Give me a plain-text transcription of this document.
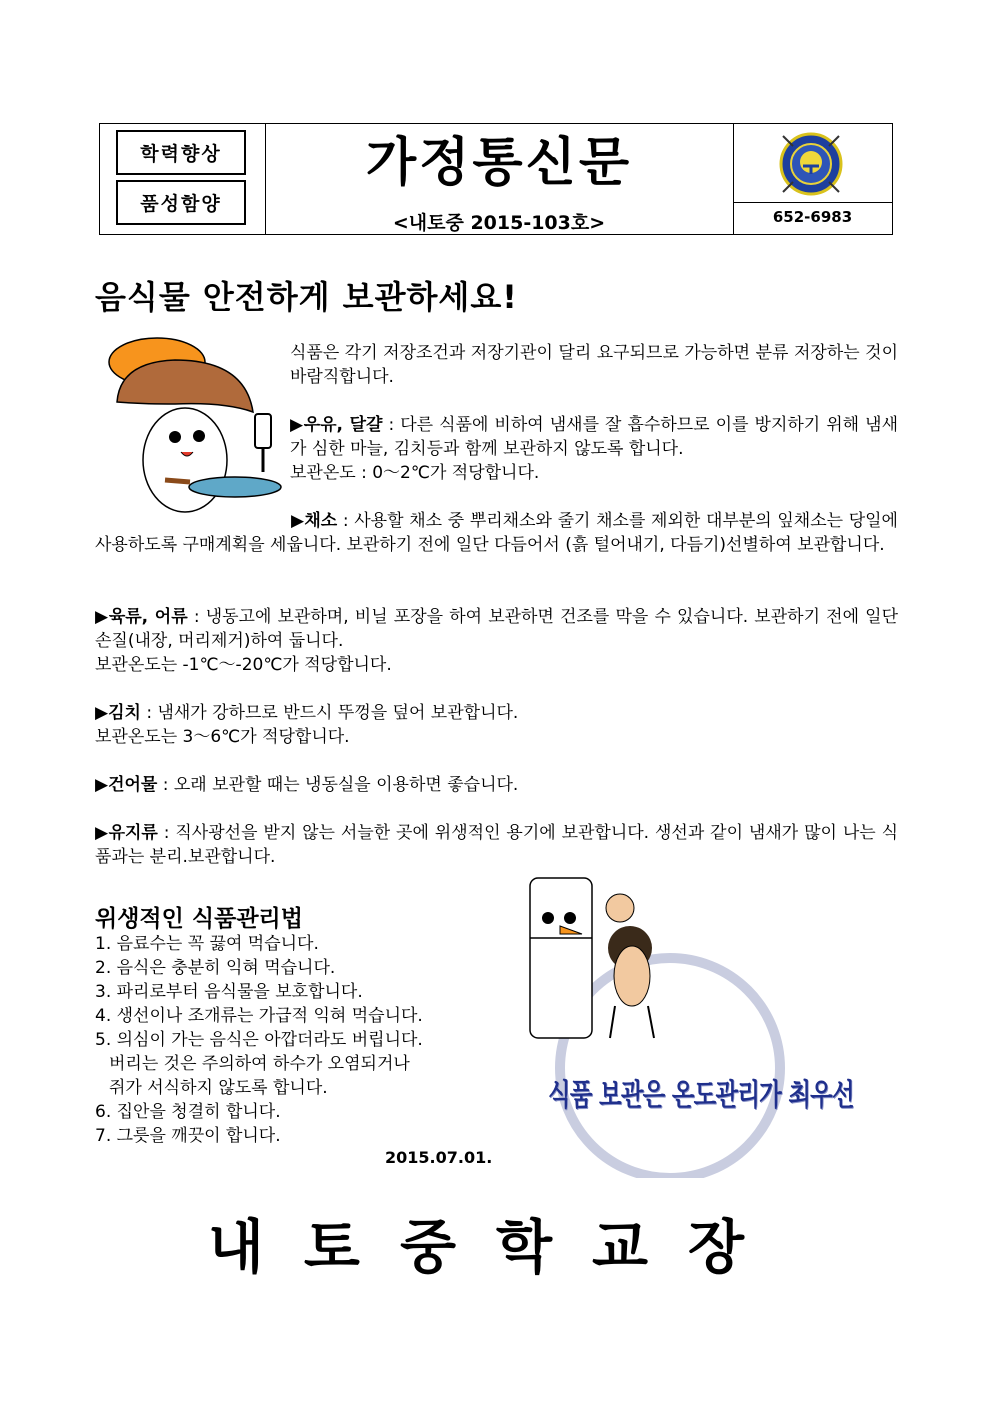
학력향상
품성함양
가정통신문
<내토중 2015-103호>	652-6983
음식물 안전하게 보관하세요!

식품은 각기 저장조건과 저장기관이 달리 요구되므로 가능하면 분류 저장하는 것이 바람직합니다.

▶우유, 달걀 : 다른 식품에 비하여 냄새를 잘 흡수하므로 이를 방지하기 위해 냄새가 심한 마늘, 김치등과 함께 보관하지 않도록 합니다.
보관온도 : 0～2℃가 적당합니다.

▶채소 : 사용할 채소 중 뿌리채소와 줄기 채소를 제외한 대부분의 잎채소는 당일에 사용하도록 구매계획을 세웁니다. 보관하기 전에 일단 다듬어서 (흙 털어내기, 다듬기)선별하여 보관합니다.

▶육류, 어류 : 냉동고에 보관하며, 비닐 포장을 하여 보관하면 건조를 막을 수 있습니다. 보관하기 전에 일단 손질(내장, 머리제거)하여 둡니다.
보관온도는 -1℃～-20℃가 적당합니다.

▶김치 : 냄새가 강하므로 반드시 뚜껑을 덮어 보관합니다.
보관온도는 3～6℃가 적당합니다.

▶건어물 : 오래 보관할 때는 냉동실을 이용하면 좋습니다.

▶유지류 : 직사광선을 받지 않는 서늘한 곳에 위생적인 용기에 보관합니다. 생선과 같이 냄새가 많이 나는 식품과는 분리.보관합니다.

위생적인 식품관리법
1. 음료수는 꼭 끓여 먹습니다.
2. 음식은 충분히 익혀 먹습니다.
3. 파리로부터 음식물을 보호합니다.
4. 생선이나 조개류는 가급적 익혀 먹습니다.
5. 의심이 가는 음식은 아깝더라도 버립니다.
버리는 것은 주의하여 하수가 오염되거나
쥐가 서식하지 않도록 합니다.
6. 집안을 청결히 합니다.
7. 그릇을 깨끗이 합니다.
2015.07.01.
식품 보관은 온도관리가 최우선
내토중학교장
